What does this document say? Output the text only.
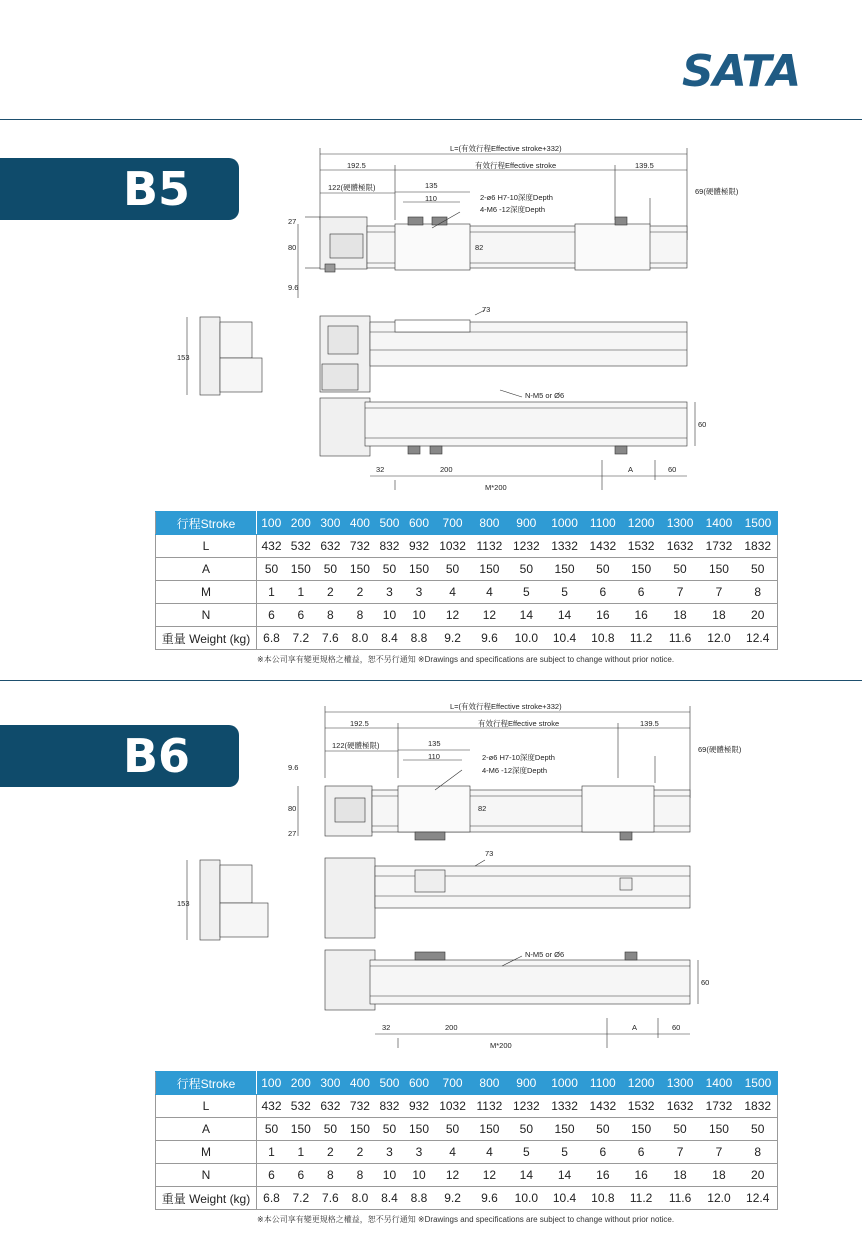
SATA
B5
L=(有效行程Effective stroke+332)
192.5	有效行程Effective stroke	139.5
122(硬體極限)	135
110	2-ø6 H7-10深度Depth
4-M6 -12深度Depth
69(硬體極限)
27
80
9.6
82
153
73
N-M5 or Ø6
60
32	200	A	60
M*200
行程Stroke	100	200	300	400	500	600	700	800	900	1000	1100	1200	1300	1400	1500
L	432	532	632	732	832	932	1032	1132	1232	1332	1432	1532	1632	1732	1832
A	50	150	50	150	50	150	50	150	50	150	50	150	50	150	50
M	1	1	2	2	3	3	4	4	5	5	6	6	7	7	8
N	6	6	8	8	10	10	12	12	14	14	16	16	18	18	20
重量 Weight (kg)	6.8	7.2	7.6	8.0	8.4	8.8	9.2	9.6	10.0	10.4	10.8	11.2	11.6	12.0	12.4
※本公司享有變更規格之權益，恕不另行通知 ※Drawings and specifications are subject to change without prior notice.
B6
L=(有效行程Effective stroke+332)
192.5	有效行程Effective stroke	139.5
122(硬體極限)	135
110	2-ø6 H7-10深度Depth
4-M6 -12深度Depth
69(硬體極限)
9.6
80
27
82
153
73
N-M5 or Ø6
60
32	200	A	60
M*200
行程Stroke	100	200	300	400	500	600	700	800	900	1000	1100	1200	1300	1400	1500
L	432	532	632	732	832	932	1032	1132	1232	1332	1432	1532	1632	1732	1832
A	50	150	50	150	50	150	50	150	50	150	50	150	50	150	50
M	1	1	2	2	3	3	4	4	5	5	6	6	7	7	8
N	6	6	8	8	10	10	12	12	14	14	16	16	18	18	20
重量 Weight (kg)	6.8	7.2	7.6	8.0	8.4	8.8	9.2	9.6	10.0	10.4	10.8	11.2	11.6	12.0	12.4
※本公司享有變更規格之權益，恕不另行通知 ※Drawings and specifications are subject to change without prior notice.
